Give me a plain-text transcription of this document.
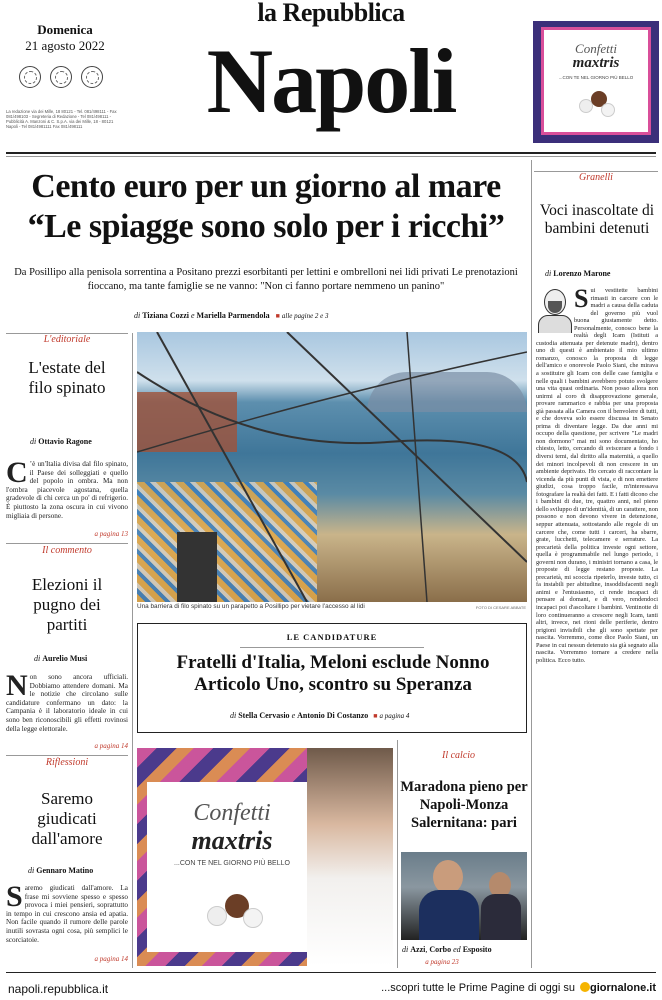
Domenica
21 agosto 2022
La redazione via dei Mille, 18 80121 - Tel. 081/498111 - Fax 081/498103 - Segreteria di Redazione - Tel 081/498111 - Pubblicità A. Manzoni & C. S.p.A. via dei Mille, 18 - 80121 Napoli - Tel 081/4981111 Fax 081/498111
la Repubblica
Napoli	Confetti
maxtris
...CON TE NEL GIORNO PIÙ BELLO
Cento euro per un giorno al mare
“Le spiagge sono solo per i ricchi”
Da Posillipo alla penisola sorrentina a Positano prezzi esorbitanti per lettini e ombrelloni nei lidi privati Le prenotazioni fioccano, ma tante famiglie se ne vanno: "Non ci fanno portare nemmeno un panino"
di Tiziana Cozzi e Mariella Parmendola ■ alle pagine 2 e 3
Una barriera di filo spinato su un parapetto a Posillipo per vietare l'accesso al lidi	FOTO DI CESARE ABBATE
L'editoriale
L'estate del filo spinato
di Ottavio Ragone
C ’è un'Italia divisa dal filo spinato, il Paese dei solleggiati e quello del popolo in ombra. Ma non l'ombra piacevole agostana, quella gradevole di chi cerca un po' di refrigerio. È piuttosto la zona oscura in cui vivono migliaia di persone.
a pagina 13
Il commento
Elezioni il pugno dei partiti
di Aurelio Musi
Non sono ancora ufficiali. Dobbiamo attendere domani. Ma le notizie che circolano sulle candidature confermano un dato: la Campania è il laboratorio ideale in cui sono ben riconoscibili gli effetti rovinosi della legge elettorale.
a pagina 14
Riflessioni
Saremo giudicati dall'amore
di Gennaro Matino
Saremo giudicati dall'amore. La frase mi sovviene spesso e spesso provoca i miei pensieri, soprattutto in tempo in cui crescono ansia ed apatia. Non facile quando il rumore delle parole inutili sovrasta ogni cosa, più semplici le scorciatoie.
a pagina 14
LE CANDIDATURE
Fratelli d'Italia, Meloni esclude Nonno Articolo Uno, scontro su Speranza
di Stella Cervasio e Antonio Di Costanzo ■ a pagina 4
Confetti
maxtris
...CON TE NEL GIORNO PIÙ BELLO
Il calcio
Maradona pieno per Napoli-Monza Salernitana: pari
di Azzi, Corbo ed Esposito
a pagina 23
Granelli
Voci inascoltate di bambini detenuti
di Lorenzo Marone
Sui vestitette bambini rimasti in carcere con le madri a causa della caduta del governo più vuol buona giustamente detto. Personalmente, conosco bene la realtà degli Icam (Istituti a custodia attenuata per detenute madri), dentro uno di questi è ambientato il mio ultimo romanzo, conosco la proposta di legge dell'amico e onorevole Paolo Siani, che mirava a sostituire gli Icam con delle case famiglia e nelle quali i bambini avrebbero potuto svolgere una vita quasi ordinaria. Non posso allora non unirmi al coro di disapprovazione generale, provare rammarico e rabbia per una proposta già passata alla Camera con il benvolere di tutti, e che doveva solo essere discussa in Senato prima di diventare legge. Da due anni mi occupo della questione, per scrivere "Le madri non dormono" mai mi sono documentato, ho chiesto, letto, cercando di sviscerare a fondo i diversi temi, dal diritto alla maternità, a quello dei minori incolpevoli di non crescere in un ambiente deprivato. Ho cercato di raccontare la vicenda da più punti di vista, e di non emettere giudizi, cosa troppo facile, m'interessava fotografare la realtà dei fatti. E i fatti dicono che i bambini di due, tre, quattro anni, nel pieno dello sviluppo di un'identità, di un carattere, non possono e non devono vivere in detenzione, seppur attenuata, sottostando alle regole di un carcere che, come tutti i carceri, ha sbarre, grate, lucchetti, telecamere e serrature. La precarietà della politica investe ogni settore, quella è programmabile nel lungo periodo, i governi non durano, i ministri tornano a casa, le proposte di legge restano proposte. La precarietà, mi scoccia ripeterlo, investe tutto, ci fa instabili per abitudine, insoddisfacenti negli animi e l'entusiasmo, ci rende incapaci di pensare al domani, e di vero, rendendoci incapaci poi d'ascoltare i bambini. Ventinotte di loro continueranno a crescere negli Icam, tanti altri, invece, nei rioni delle periferie, dentro prigioni invisibili che gli sono spettate per nascita. Vorremmo, come dice Paolo Siani, un Paese in cui nessun detenuto sia già segnato alla nascita. Vorremmo tornare a credere nella politica. Ecco tutto.
napoli.repubblica.it	...scopri tutte le Prime Pagine di oggi su giornalone.it
